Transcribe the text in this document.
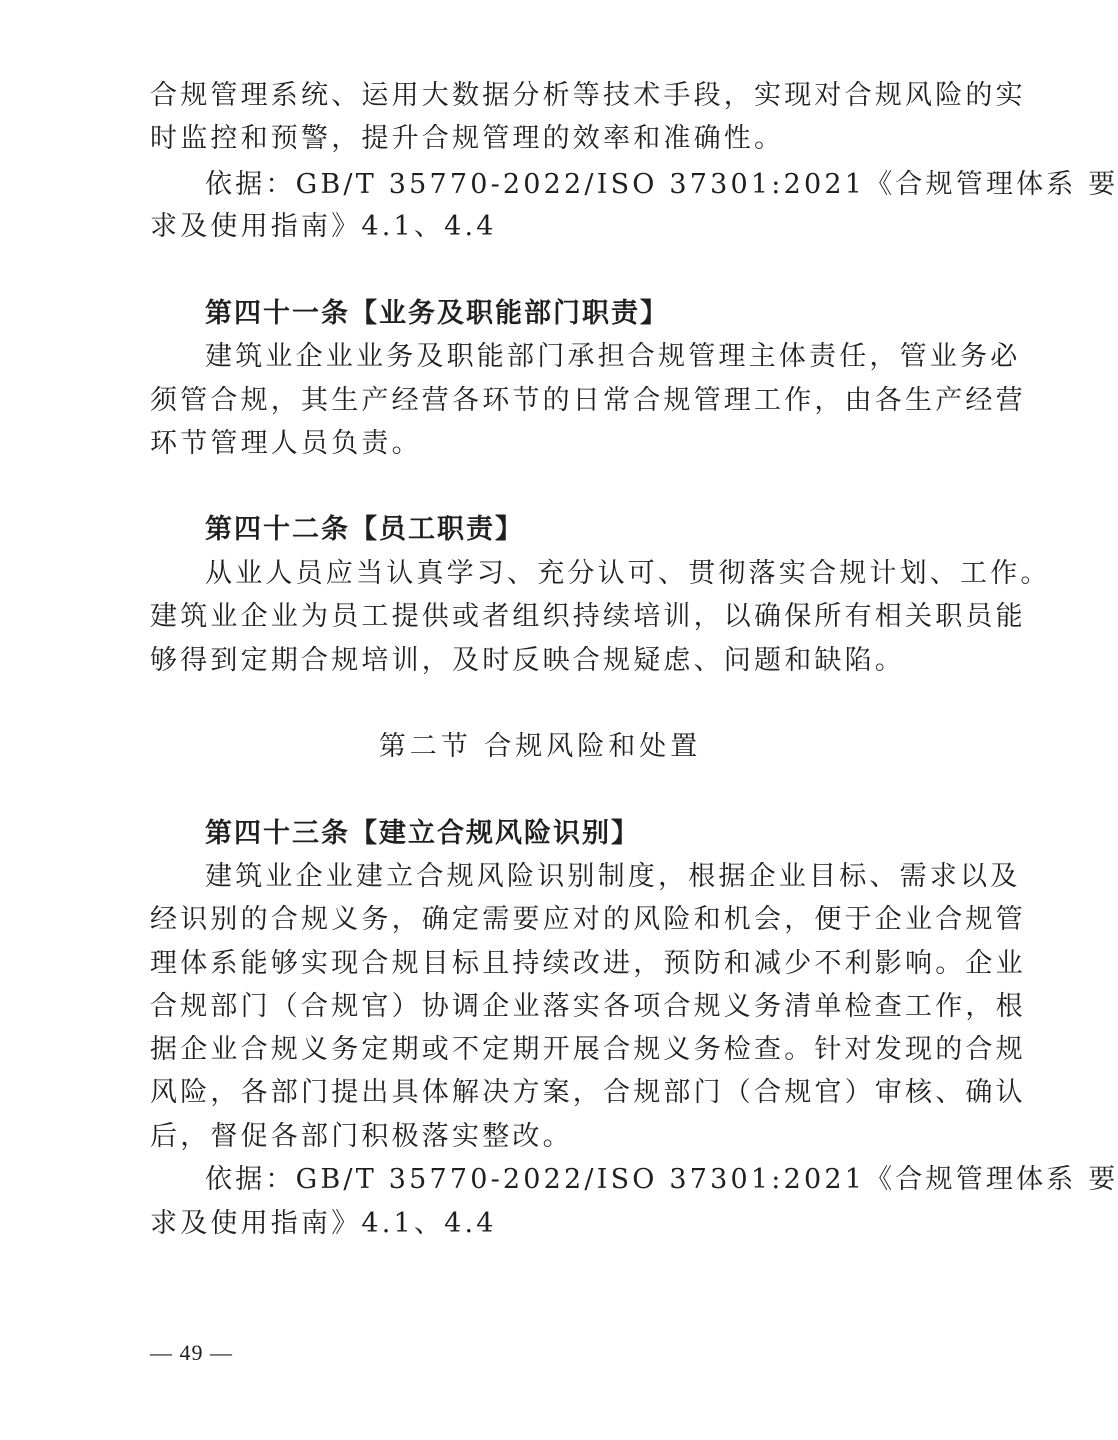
合规管理系统、运用大数据分析等技术手段，实现对合规风险的实
时监控和预警，提升合规管理的效率和准确性。
依据：GB/T 35770-2022/ISO 37301:2021《合规管理体系 要
求及使用指南》4.1、4.4
第四十一条【业务及职能部门职责】
建筑业企业业务及职能部门承担合规管理主体责任，管业务必
须管合规，其生产经营各环节的日常合规管理工作，由各生产经营
环节管理人员负责。
第四十二条【员工职责】
从业人员应当认真学习、充分认可、贯彻落实合规计划、工作。
建筑业企业为员工提供或者组织持续培训，以确保所有相关职员能
够得到定期合规培训，及时反映合规疑虑、问题和缺陷。
第二节 合规风险和处置
第四十三条【建立合规风险识别】
建筑业企业建立合规风险识别制度，根据企业目标、需求以及
经识别的合规义务，确定需要应对的风险和机会，便于企业合规管
理体系能够实现合规目标且持续改进，预防和减少不利影响。企业
合规部门（合规官）协调企业落实各项合规义务清单检查工作，根
据企业合规义务定期或不定期开展合规义务检查。针对发现的合规
风险，各部门提出具体解决方案，合规部门（合规官）审核、确认
后，督促各部门积极落实整改。
依据：GB/T 35770-2022/ISO 37301:2021《合规管理体系 要
求及使用指南》4.1、4.4
— 49 —
